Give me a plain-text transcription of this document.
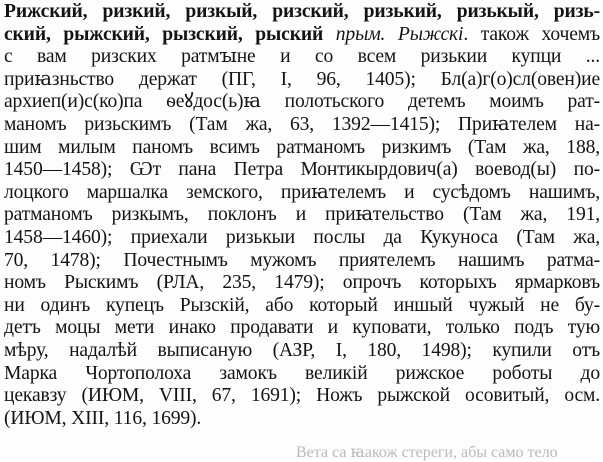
Рижский, ризкий, ризкый, ризский, ризький, ризькый, ризь-
ский, рыжский, рызский, рыский прым. Рыжскі. також хочемъ
с вам ризских ратмꙑне и со всем ризькии купци ...
приꙗзньство держат (ПГ, I, 96, 1405); Бл(а)г(о)сл(овен)ие
архиеп(и)с(ко)па ѳеꙋдос(ь)ꙗ полотьского детемъ моимъ рат-
маномъ ризьскимъ (Там жа, 63, 1392—1415); Приꙗтелем на-
шим милым паномъ всимъ ратманомъ ризкимъ (Там жа, 188,
1450—1458); Ѡт пана Петра Монтикырдович(а) воевод(ы) по-
лоцкого маршалка земского, приꙗтелемъ и сусѣдомъ нашимъ,
ратманомъ ризкымъ, поклонъ и приꙗтельство (Там жа, 191,
1458—1460); приехали ризькыи послы да Кукуноса (Там жа,
70, 1478); Почестнымъ мужомъ приятелемъ нашимъ ратма-
номъ Рыскимъ (РЛА, 235, 1479); опрочъ которыхъ ярмарковъ
ни одинъ купецъ Рызскій, або который иншый чужый не бу-
детъ моцы мети инако продавати и куповати, только подъ тую
мѣру, надалѣй выписаную (АЗР, I, 180, 1498); купили отъ
Марка Чортополоха замокъ великій рижское роботы до
цекавзу (ИЮМ, VIII, 67, 1691); Ножъ рыжской осовитый, осм.
(ИЮМ, XIII, 116, 1699).
Вета са ꙗакож стереги, абы само тело
